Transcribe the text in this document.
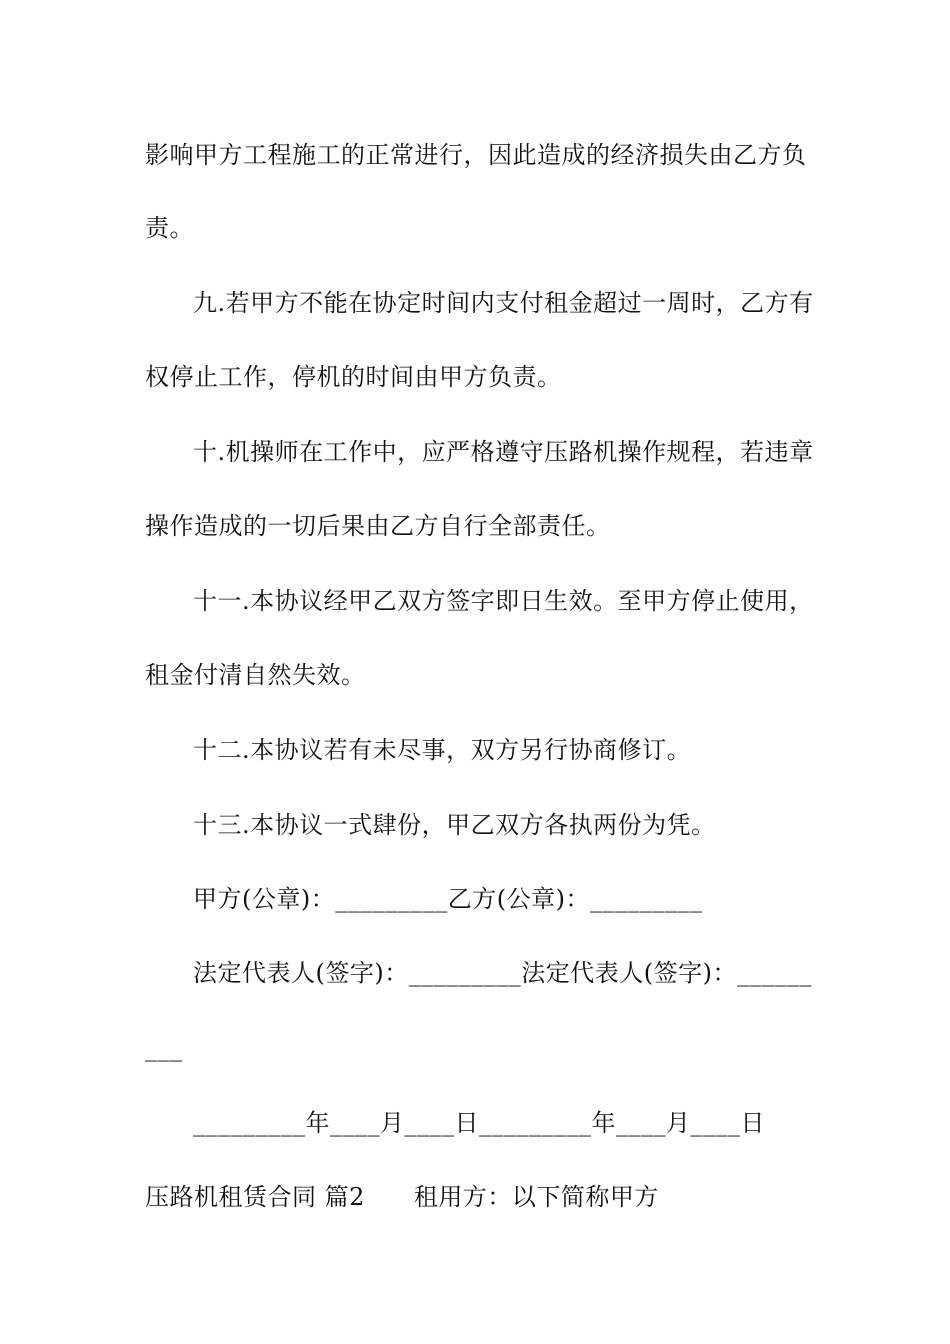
影响甲方工程施工的正常进行，因此造成的经济损失由乙方负
责。
九.若甲方不能在协定时间内支付租金超过一周时，乙方有
权停止工作，停机的时间由甲方负责。
十.机操师在工作中，应严格遵守压路机操作规程，若违章
操作造成的一切后果由乙方自行全部责任。
十一.本协议经甲乙双方签字即日生效。至甲方停止使用，
租金付清自然失效。
十二.本协议若有未尽事，双方另行协商修订。
十三.本协议一式肆份，甲乙双方各执两份为凭。
甲方(公章)：_________乙方(公章)：_________
法定代表人(签字)：_________法定代表人(签字)：______
___
_________年____月____日_________年____月____日
压路机租赁合同 篇2　　租用方：以下简称甲方
